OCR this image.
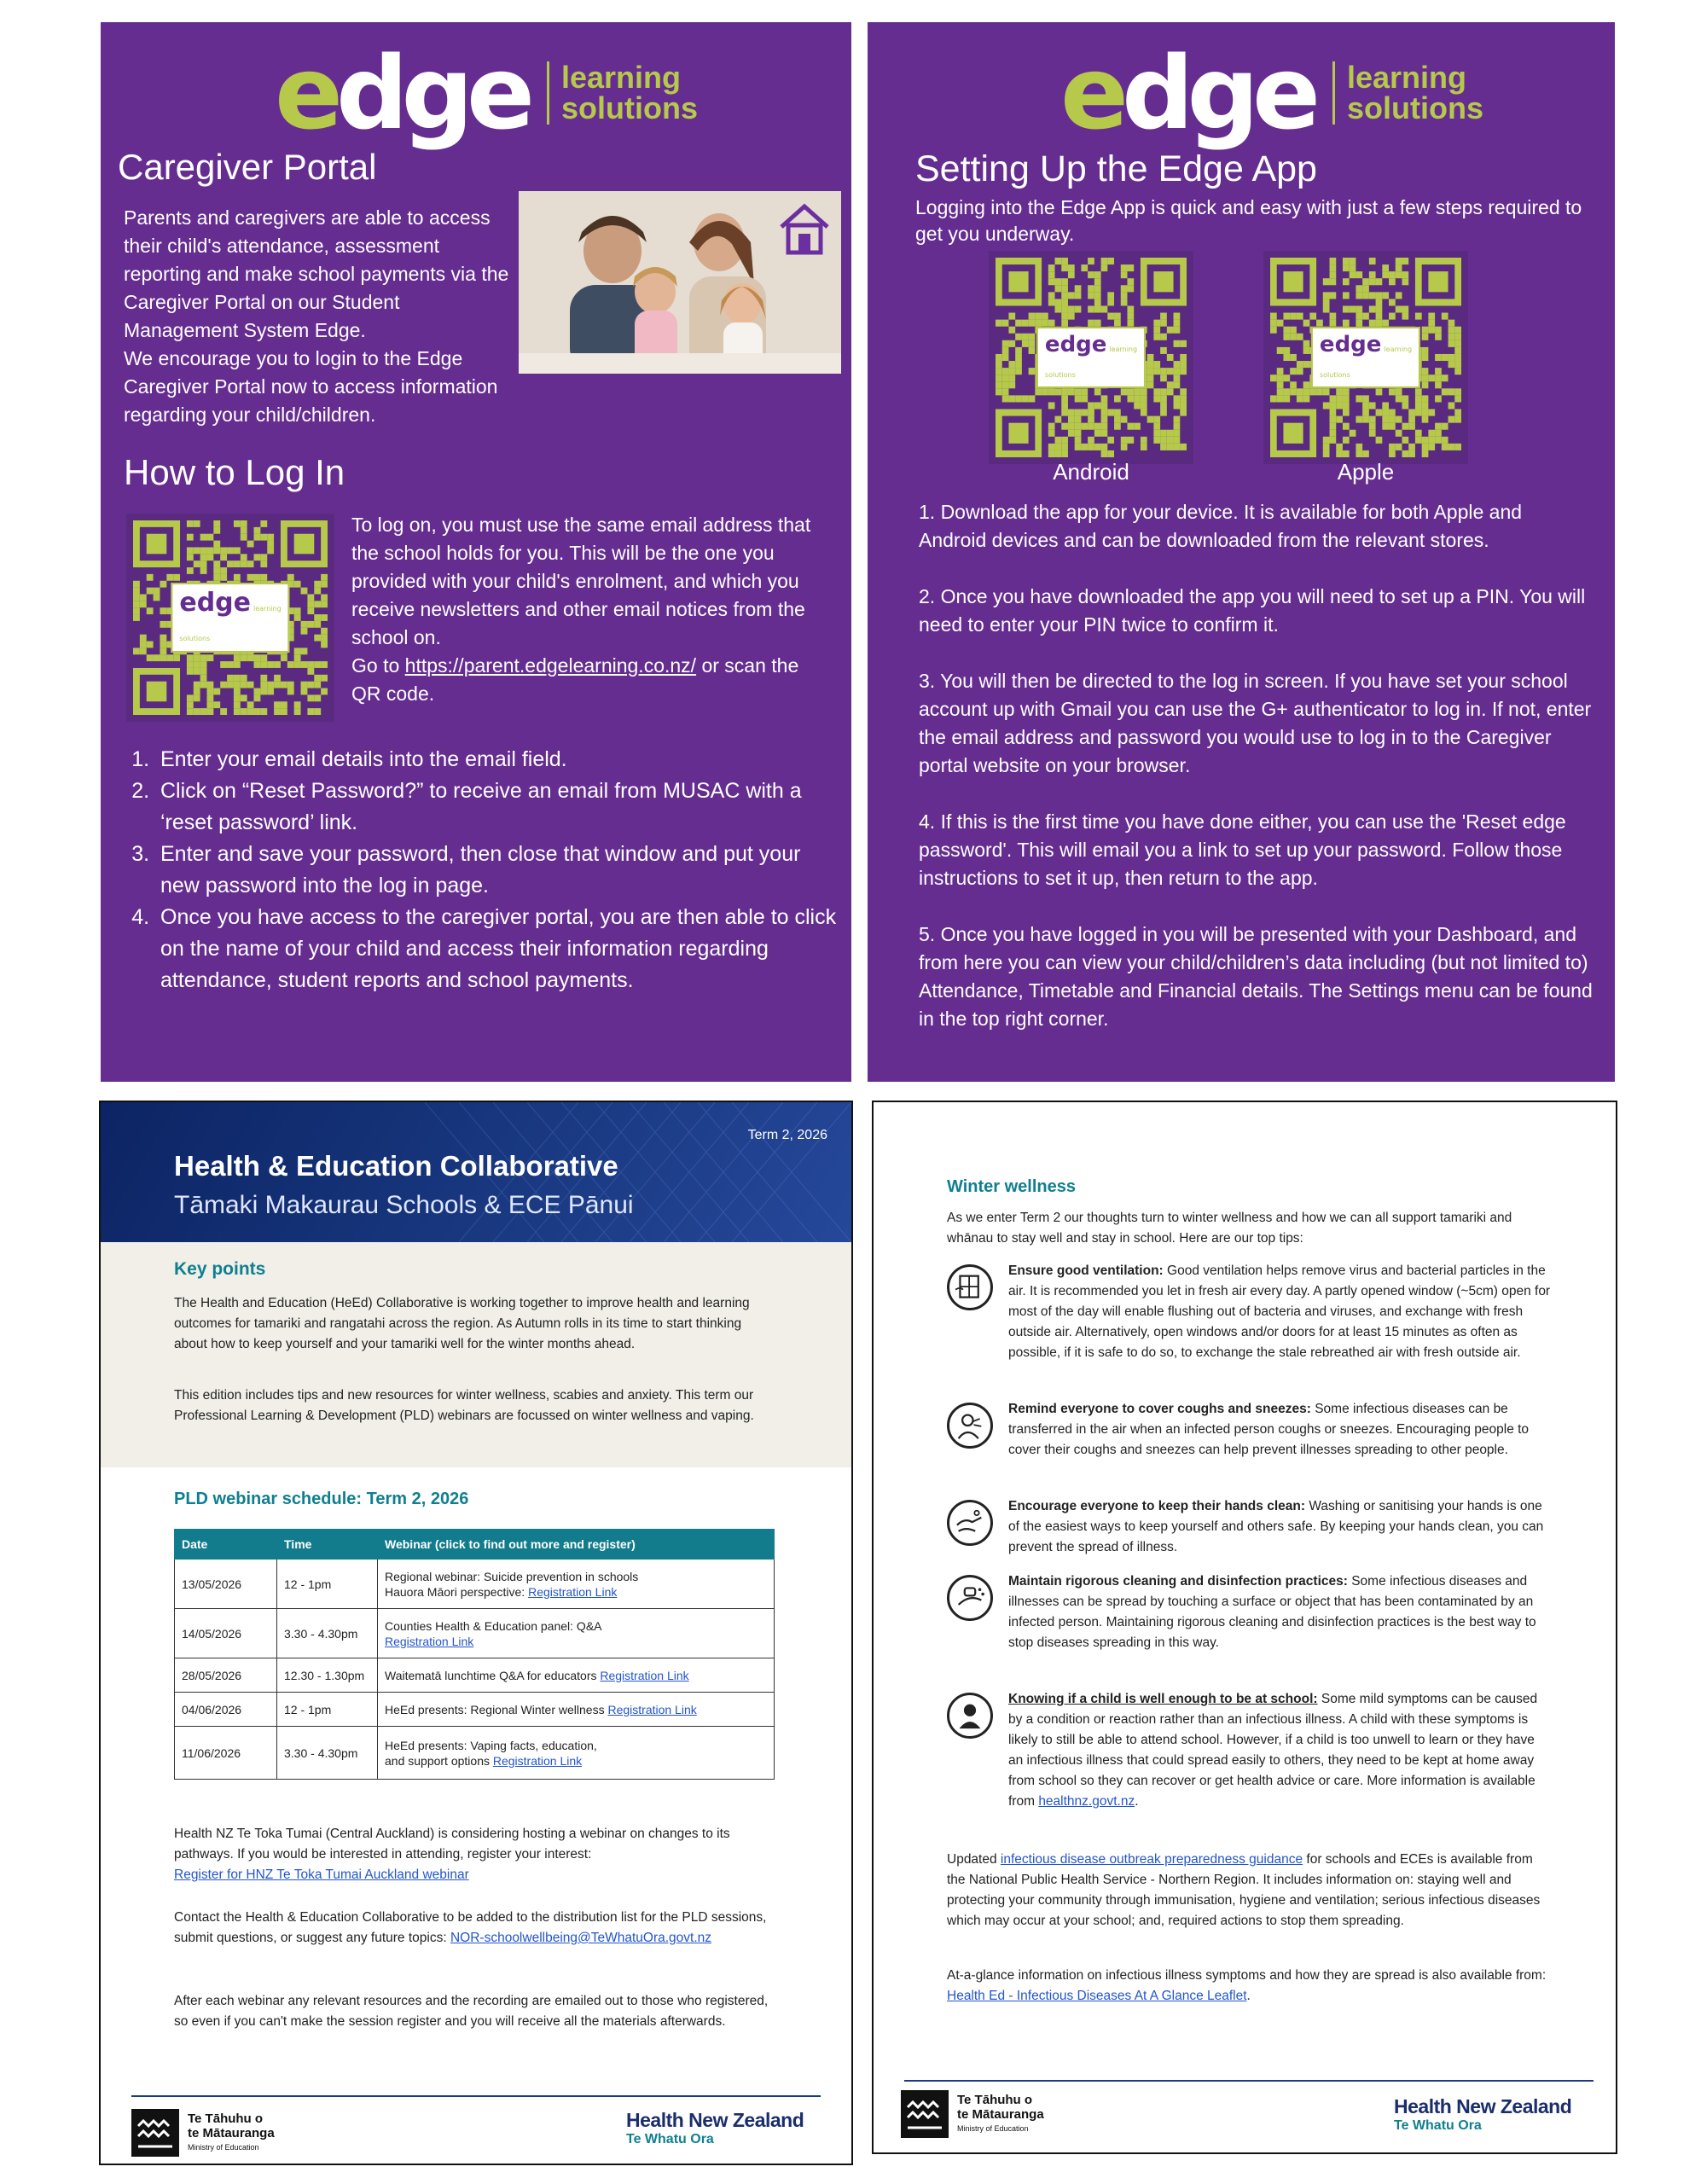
edge learning
solutions
Caregiver Portal
Parents and caregivers are able to access their child's attendance, assessment reporting and make school payments via the Caregiver Portal on our Student Management System Edge.
We encourage you to login to the Edge Caregiver Portal now to access information regarding your child/children.
How to Log In
edge learning
solutions
To log on, you must use the same email address that the school holds for you. This will be the one you provided with your child's enrolment, and which you receive newsletters and other email notices from the school on.
Go to https://parent.edgelearning.co.nz/ or scan the QR code.
1. Enter your email details into the email field.
2. Click on “Reset Password?” to receive an email from MUSAC with a ‘reset password’ link.
3. Enter and save your password, then close that window and put your new password into the log in page.
4. Once you have access to the caregiver portal, you are then able to click on the name of your child and access their information regarding attendance, student reports and school payments.
edge learning
solutions
Setting Up the Edge App
Logging into the Edge App is quick and easy with just a few steps required to get you underway.
edge learning
solutions
Android
edge learning
solutions
Apple
1. Download the app for your device. It is available for both Apple and Android devices and can be downloaded from the relevant stores.
2. Once you have downloaded the app you will need to set up a PIN. You will need to enter your PIN twice to confirm it.
3. You will then be directed to the log in screen. If you have set your school account up with Gmail you can use the G+ authenticator to log in. If not, enter the email address and password you would use to log in to the Caregiver portal website on your browser.
4. If this is the first time you have done either, you can use the 'Reset edge password'. This will email you a link to set up your password. Follow those instructions to set it up, then return to the app.
5. Once you have logged in you will be presented with your Dashboard, and from here you can view your child/children’s data including (but not limited to) Attendance, Timetable and Financial details. The Settings menu can be found in the top right corner.
Term 2, 2026
Health & Education Collaborative
Tāmaki Makaurau Schools & ECE Pānui
Key points
The Health and Education (HeEd) Collaborative is working together to improve health and learning outcomes for tamariki and rangatahi across the region. As Autumn rolls in its time to start thinking about how to keep yourself and your tamariki well for the winter months ahead.
This edition includes tips and new resources for winter wellness, scabies and anxiety. This term our Professional Learning & Development (PLD) webinars are focussed on winter wellness and vaping.
PLD webinar schedule: Term 2, 2026
Date	Time	Webinar (click to find out more and register)
13/05/2026	12 - 1pm	Regional webinar: Suicide prevention in schools
Hauora Māori perspective: Registration Link
14/05/2026	3.30 - 4.30pm	Counties Health & Education panel: Q&A
Registration Link
28/05/2026	12.30 - 1.30pm	Waitematā lunchtime Q&A for educators Registration Link
04/06/2026	12 - 1pm	HeEd presents: Regional Winter wellness Registration Link
11/06/2026	3.30 - 4.30pm	HeEd presents: Vaping facts, education,
and support options Registration Link
Health NZ Te Toka Tumai (Central Auckland) is considering hosting a webinar on changes to its pathways. If you would be interested in attending, register your interest:
Register for HNZ Te Toka Tumai Auckland webinar
Contact the Health & Education Collaborative to be added to the distribution list for the PLD sessions, submit questions, or suggest any future topics: NOR-schoolwellbeing@TeWhatuOra.govt.nz
After each webinar any relevant resources and the recording are emailed out to those who registered, so even if you can't make the session register and you will receive all the materials afterwards.
Te Tāhuhu o
te Mātauranga
Ministry of Education
Health New Zealand
Te Whatu Ora
Winter wellness
As we enter Term 2 our thoughts turn to winter wellness and how we can all support tamariki and whānau to stay well and stay in school. Here are our top tips:
Ensure good ventilation: Good ventilation helps remove virus and bacterial particles in the air. It is recommended you let in fresh air every day. A partly opened window (~5cm) open for most of the day will enable flushing out of bacteria and viruses, and exchange with fresh outside air. Alternatively, open windows and/or doors for at least 15 minutes as often as possible, if it is safe to do so, to exchange the stale rebreathed air with fresh outside air.
Remind everyone to cover coughs and sneezes: Some infectious diseases can be transferred in the air when an infected person coughs or sneezes. Encouraging people to cover their coughs and sneezes can help prevent illnesses spreading to other people.
Encourage everyone to keep their hands clean: Washing or sanitising your hands is one of the easiest ways to keep yourself and others safe. By keeping your hands clean, you can prevent the spread of illness.
Maintain rigorous cleaning and disinfection practices: Some infectious diseases and illnesses can be spread by touching a surface or object that has been contaminated by an infected person. Maintaining rigorous cleaning and disinfection practices is the best way to stop diseases spreading in this way.
Knowing if a child is well enough to be at school: Some mild symptoms can be caused by a condition or reaction rather than an infectious illness. A child with these symptoms is likely to still be able to attend school. However, if a child is too unwell to learn or they have an infectious illness that could spread easily to others, they need to be kept at home away from school so they can recover or get health advice or care. More information is available from healthnz.govt.nz.
Updated infectious disease outbreak preparedness guidance for schools and ECEs is available from the National Public Health Service - Northern Region. It includes information on: staying well and protecting your community through immunisation, hygiene and ventilation; serious infectious diseases which may occur at your school; and, required actions to stop them spreading.
At-a-glance information on infectious illness symptoms and how they are spread is also available from: Health Ed - Infectious Diseases At A Glance Leaflet.
Te Tāhuhu o
te Mātauranga
Ministry of Education
Health New Zealand
Te Whatu Ora
